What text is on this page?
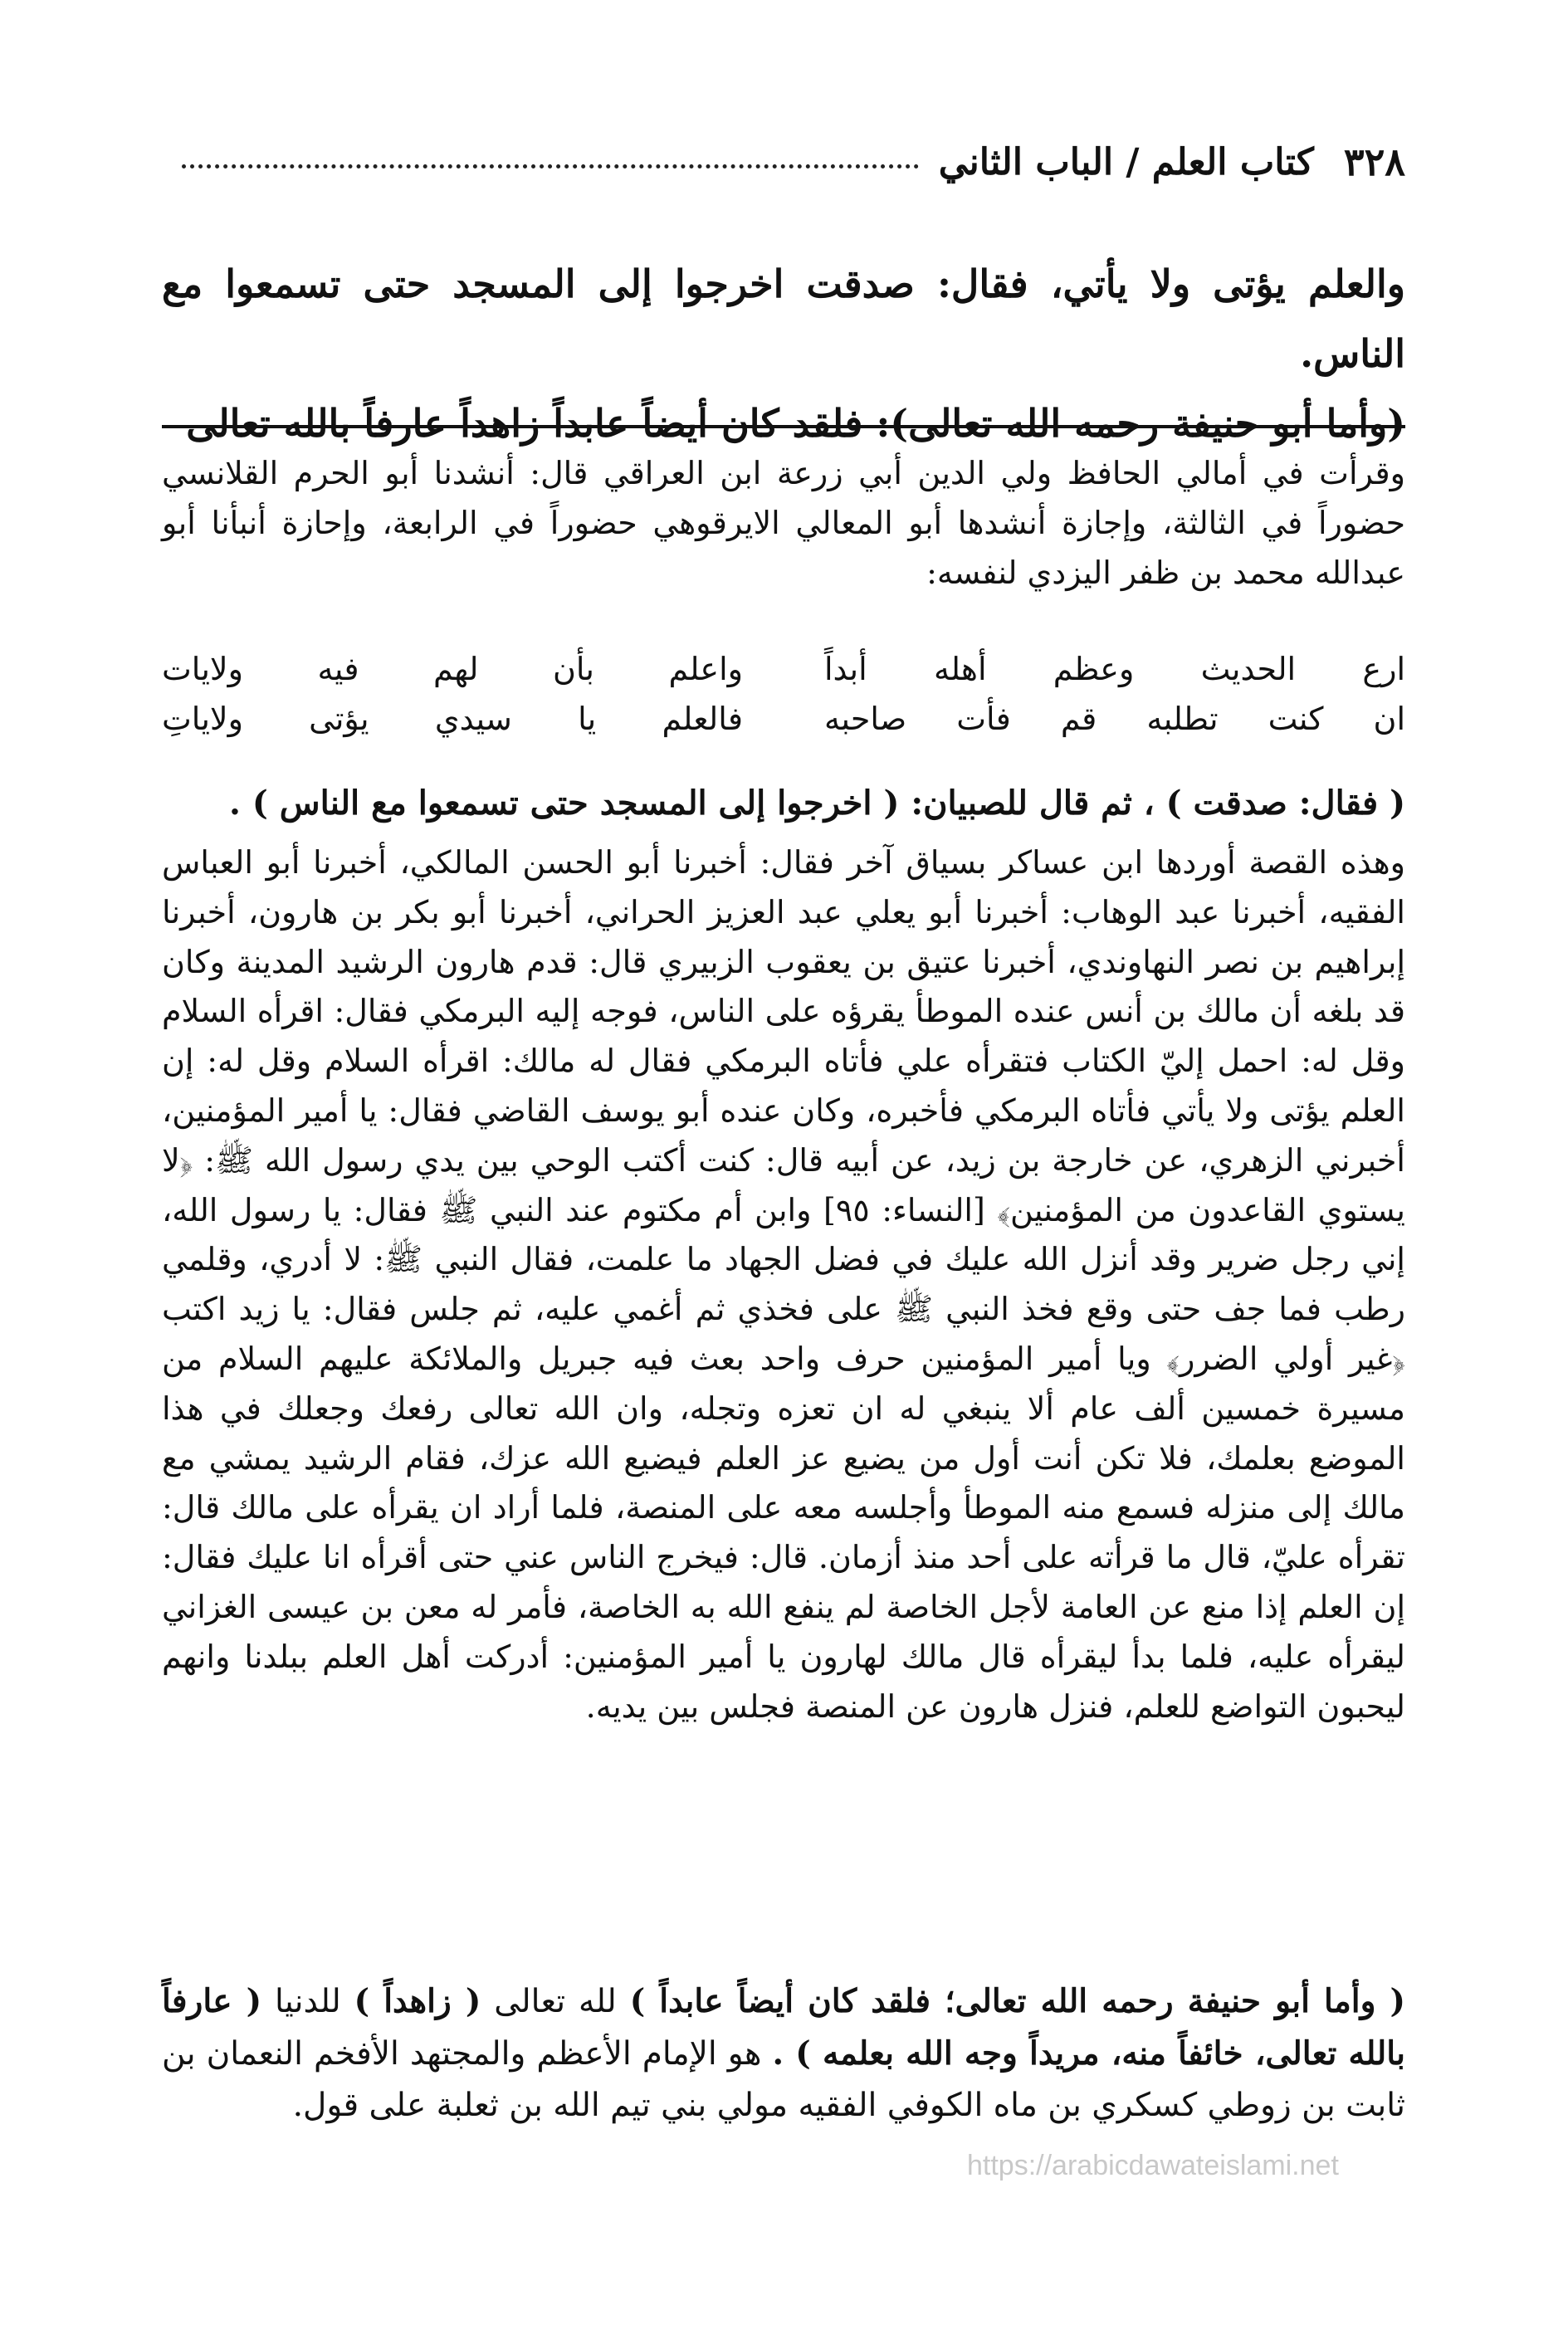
٣٢٨
كتاب العلم / الباب الثاني

والعلم يؤتى ولا يأتي، فقال: صدقت اخرجوا إلى المسجد حتى تسمعوا مع الناس.

(وأما أبو حنيفة رحمه الله تعالى): فلقد كان أيضاً عابداً زاهداً عارفاً بالله تعالى

وقرأت في أمالي الحافظ ولي الدين أبي زرعة ابن العراقي قال: أنشدنا أبو الحرم القلانسي حضوراً في الثالثة، وإجازة أنشدها أبو المعالي الايرقوهي حضوراً في الرابعة، وإحازة أنبأنا أبو عبدالله محمد بن ظفر اليزدي لنفسه:

ارع الحديث وعظم أهله أبداً
واعلم بأن لهم فيه ولايات
ان كنت تطلبه قم فأت صاحبه
فالعلم يا سيدي يؤتى ولاياتِ
( فقال: صدقت ) ، ثم قال للصبيان: ( اخرجوا إلى المسجد حتى تسمعوا مع الناس ) .

وهذه القصة أوردها ابن عساكر بسياق آخر فقال: أخبرنا أبو الحسن المالكي، أخبرنا أبو العباس الفقيه، أخبرنا عبد الوهاب: أخبرنا أبو يعلي عبد العزيز الحراني، أخبرنا أبو بكر بن هارون، أخبرنا إبراهيم بن نصر النهاوندي، أخبرنا عتيق بن يعقوب الزبيري قال: قدم هارون الرشيد المدينة وكان قد بلغه أن مالك بن أنس عنده الموطأ يقرؤه على الناس، فوجه إليه البرمكي فقال: اقرأه السلام وقل له: احمل إليّ الكتاب فتقرأه علي فأتاه البرمكي فقال له مالك: اقرأه السلام وقل له: إن العلم يؤتى ولا يأتي فأتاه البرمكي فأخبره، وكان عنده أبو يوسف القاضي فقال: يا أمير المؤمنين، أخبرني الزهري، عن خارجة بن زيد، عن أبيه قال: كنت أكتب الوحي بين يدي رسول الله ﷺ: ﴿لا يستوي القاعدون من المؤمنين﴾ [النساء: ٩٥] وابن أم مكتوم عند النبي ﷺ فقال: يا رسول الله، إني رجل ضرير وقد أنزل الله عليك في فضل الجهاد ما علمت، فقال النبي ﷺ: لا أدري، وقلمي رطب فما جف حتى وقع فخذ النبي ﷺ على فخذي ثم أغمي عليه، ثم جلس فقال: يا زيد اكتب ﴿غير أولي الضرر﴾ ويا أمير المؤمنين حرف واحد بعث فيه جبريل والملائكة عليهم السلام من مسيرة خمسين ألف عام ألا ينبغي له ان تعزه وتجله، وان الله تعالى رفعك وجعلك في هذا الموضع بعلمك، فلا تكن أنت أول من يضيع عز العلم فيضيع الله عزك، فقام الرشيد يمشي مع مالك إلى منزله فسمع منه الموطأ وأجلسه معه على المنصة، فلما أراد ان يقرأه على مالك قال: تقرأه عليّ، قال ما قرأته على أحد منذ أزمان. قال: فيخرج الناس عني حتى أقرأه انا عليك فقال: إن العلم إذا منع عن العامة لأجل الخاصة لم ينفع الله به الخاصة، فأمر له معن بن عيسى الغزاني ليقرأه عليه، فلما بدأ ليقرأه قال مالك لهارون يا أمير المؤمنين: أدركت أهل العلم ببلدنا وانهم ليحبون التواضع للعلم، فنزل هارون عن المنصة فجلس بين يديه.

( وأما أبو حنيفة رحمه الله تعالى؛ فلقد كان أيضاً عابداً ) لله تعالى ( زاهداً ) للدنيا ( عارفاً بالله تعالى، خائفاً منه، مريداً وجه الله بعلمه ) . هو الإمام الأعظم والمجتهد الأفخم النعمان بن ثابت بن زوطي كسكري بن ماه الكوفي الفقيه مولي بني تيم الله بن ثعلبة على قول.

https://arabicdawateislami.net
